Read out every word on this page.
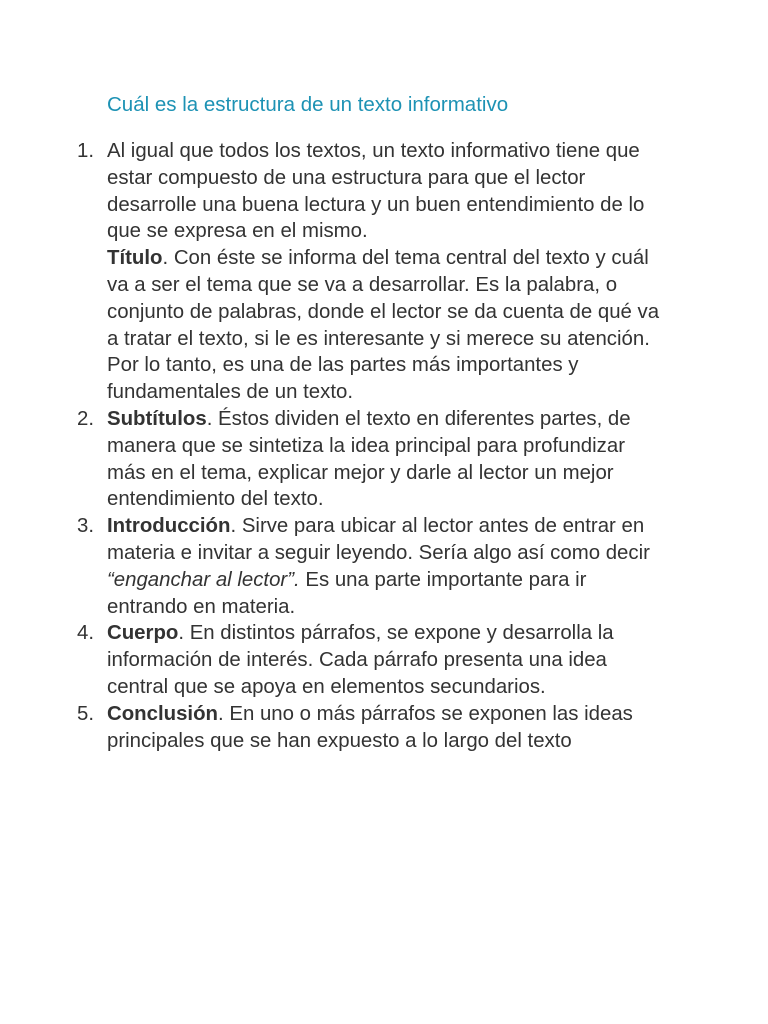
Cuál es la estructura de un texto informativo
1. Al igual que todos los textos, un texto informativo tiene que estar compuesto de una estructura para que el lector desarrolle una buena lectura y un buen entendimiento de lo que se expresa en el mismo.
Título. Con éste se informa del tema central del texto y cuál va a ser el tema que se va a desarrollar. Es la palabra, o conjunto de palabras, donde el lector se da cuenta de qué va a tratar el texto, si le es interesante y si merece su atención. Por lo tanto, es una de las partes más importantes y fundamentales de un texto.
2. Subtítulos. Éstos dividen el texto en diferentes partes, de manera que se sintetiza la idea principal para profundizar más en el tema, explicar mejor y darle al lector un mejor entendimiento del texto.
3. Introducción. Sirve para ubicar al lector antes de entrar en materia e invitar a seguir leyendo. Sería algo así como decir “enganchar al lector”. Es una parte importante para ir entrando en materia.
4. Cuerpo. En distintos párrafos, se expone y desarrolla la información de interés. Cada párrafo presenta una idea central que se apoya en elementos secundarios.
5. Conclusión. En uno o más párrafos se exponen las ideas principales que se han expuesto a lo largo del texto
